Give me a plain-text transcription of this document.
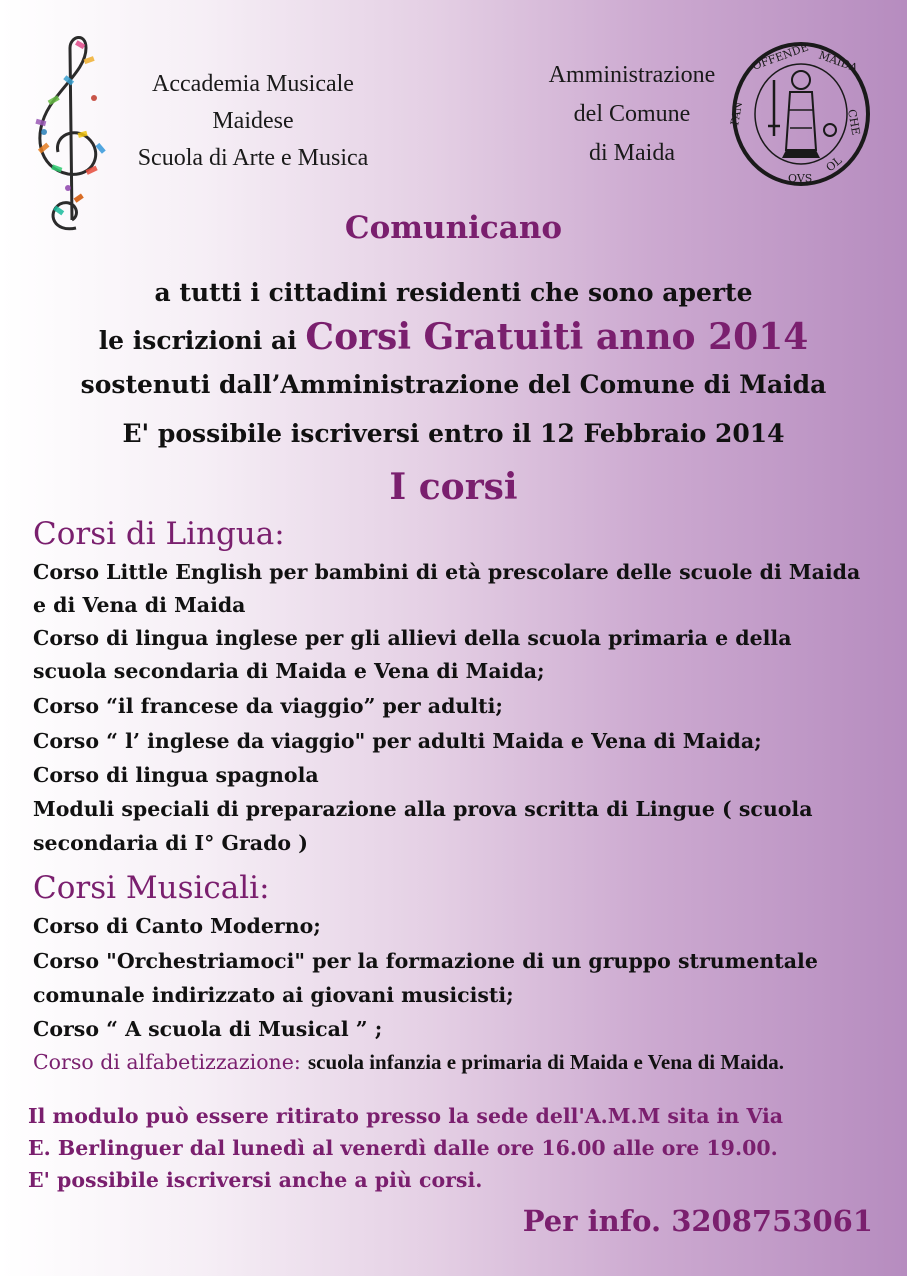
Accademia Musicale
Maidese
Scuola di Arte e Musica
Amministrazione
del Comune
di Maida
OFFENDE MAIDA
CHE
PAN
OL
OVS
Comunicano
a tutti i cittadini residenti che sono aperte
le iscrizioni ai Corsi Gratuiti anno 2014
sostenuti dall’Amministrazione del Comune di Maida
E' possibile iscriversi entro il 12 Febbraio 2014
I corsi
Corsi di Lingua:
Corso Little English per bambini di età prescolare delle scuole di Maida
e di Vena di Maida
Corso di lingua inglese per gli allievi della scuola primaria e della
scuola secondaria di Maida e Vena di Maida;
Corso “il francese da viaggio” per adulti;
Corso “ l’ inglese da viaggio" per adulti Maida e Vena di Maida;
Corso di lingua spagnola
Moduli speciali di preparazione alla prova scritta di Lingue ( scuola
secondaria di I° Grado )
Corsi Musicali:
Corso di Canto Moderno;
Corso "Orchestriamoci" per la formazione di un gruppo strumentale
comunale indirizzato ai giovani musicisti;
Corso “ A scuola di Musical ” ;
Corso di alfabetizzazione: scuola infanzia e primaria di Maida e Vena di Maida.
Il modulo può essere ritirato presso la sede dell'A.M.M sita in Via
E. Berlinguer dal lunedì al venerdì dalle ore 16.00 alle ore 19.00.
E' possibile iscriversi anche a più corsi.
Per info. 3208753061
